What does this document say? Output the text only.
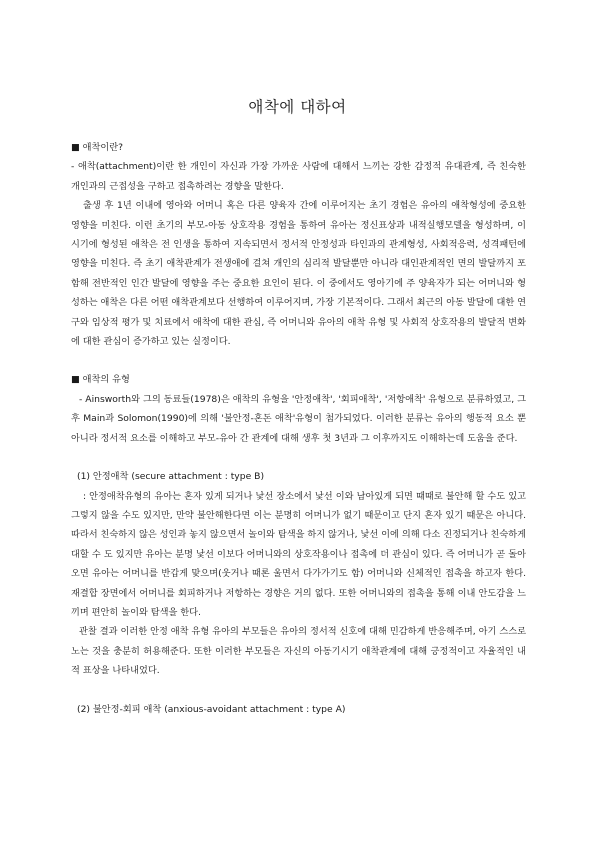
애착에 대하여

■ 애착이란?

- 애착(attachment)이란 한 개인이 자신과 가장 가까운 사람에 대해서 느끼는 강한 감정적 유대관계, 즉 친숙한 개인과의 근접성을 구하고 접촉하려는 경향을 말한다.

출생 후 1년 이내에 영아와 어머니 혹은 다른 양육자 간에 이루어지는 초기 경험은 유아의 애착형성에 중요한 영향을 미친다. 이런 초기의 부모-아동 상호작용 경험을 통하여 유아는 정신표상과 내적실행모델을 형성하며, 이 시기에 형성된 애착은 전 인생을 통하여 지속되면서 정서적 안정성과 타인과의 관계형성, 사회적응력, 성격패턴에 영향을 미친다. 즉 초기 애착관계가 전생애에 걸쳐 개인의 심리적 발달뿐만 아니라 대인관계적인 면의 발달까지 포함해 전반적인 인간 발달에 영향을 주는 중요한 요인이 된다. 이 중에서도 영아기에 주 양육자가 되는 어머니와 형성하는 애착은 다른 어떤 애착관계보다 선행하여 이루어지며, 가장 기본적이다. 그래서 최근의 아동 발달에 대한 연구와 임상적 평가 및 치료에서 애착에 대한 관심, 즉 어머니와 유아의 애착 유형 및 사회적 상호작용의 발달적 변화에 대한 관심이 증가하고 있는 실정이다.

■ 애착의 유형

- Ainsworth와 그의 동료들(1978)은 애착의 유형을 '안정애착', '회피애착', '저항애착' 유형으로 분류하였고, 그 후 Main과 Solomon(1990)에 의해 '불안정-혼돈 애착'유형이 첨가되었다. 이러한 분류는 유아의 행동적 요소 뿐 아니라 정서적 요소를 이해하고 부모-유아 간 관계에 대해 생후 첫 3년과 그 이후까지도 이해하는데 도움을 준다.

(1) 안정애착 (secure attachment : type B)

: 안정애착유형의 유아는 혼자 있게 되거나 낯선 장소에서 낯선 이와 남아있게 되면 때때로 불안해 할 수도 있고 그렇지 않을 수도 있지만, 만약 불안해한다면 이는 분명히 어머니가 없기 때문이고 단지 혼자 있기 때문은 아니다. 따라서 친숙하지 않은 성인과 놓지 않으면서 놀이와 탐색을 하지 않거나, 낯선 이에 의해 다소 진정되거나 친숙하게 대할 수 도 있지만 유아는 분명 낯선 이보다 어머니와의 상호작용이나 접촉에 더 관심이 있다. 즉 어머니가 곧 돌아오면 유아는 어머니를 반갑게 맞으며(웃거나 때론 울면서 다가가기도 함) 어머니와 신체적인 접촉을 하고자 한다. 재결합 장면에서 어머니를 회피하거나 저항하는 경향은 거의 없다. 또한 어머니와의 접촉을 통해 이내 안도감을 느끼며 편안히 놀이와 탐색을 한다.

관찰 결과 이러한 안정 애착 유형 유아의 부모들은 유아의 정서적 신호에 대해 민감하게 반응해주며, 아기 스스로 노는 것을 충분히 허용해준다. 또한 이러한 부모들은 자신의 아동기시기 애착관계에 대해 긍정적이고 자율적인 내적 표상을 나타내었다.

(2) 불안정-회피 애착 (anxious-avoidant attachment : type A)
